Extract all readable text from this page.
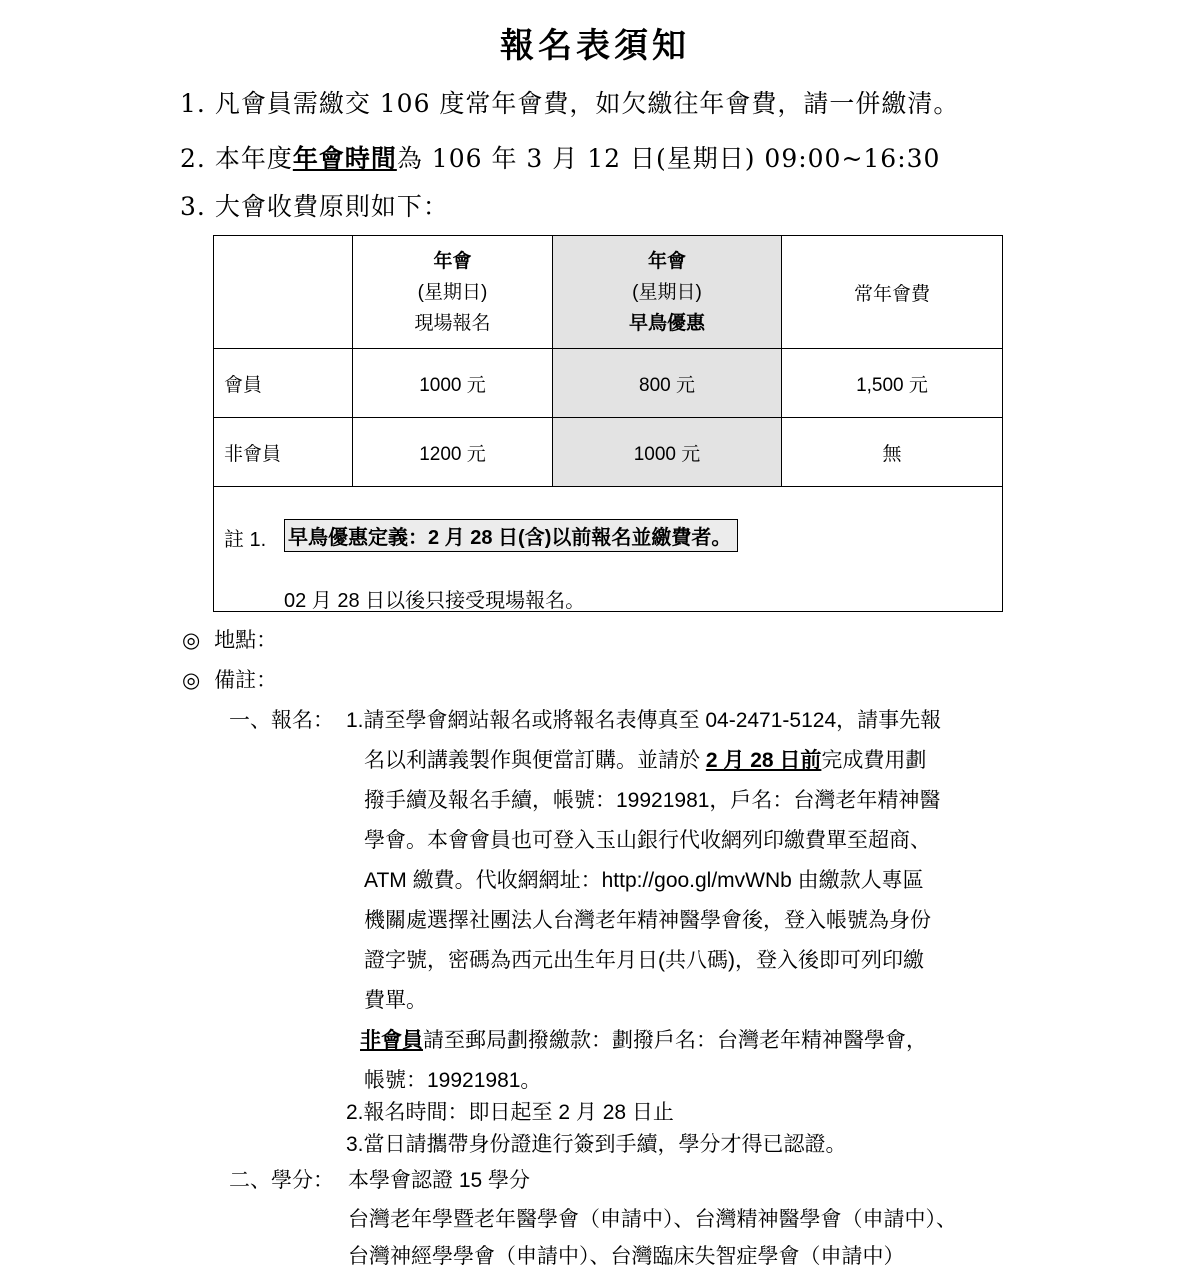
報名表須知
1. 凡會員需繳交 106 度常年會費，如欠繳往年會費，請一併繳清。
2. 本年度年會時間為 106 年 3 月 12 日(星期日) 09:00~16:30
3. 大會收費原則如下：

	年會
(星期日)
現場報名	年會
(星期日)
早鳥優惠	常年會費
會員	1000 元	800 元	1,500 元
非會員	1200 元	1000 元	無

註 1. 早鳥優惠定義：2 月 28 日(含)以前報名並繳費者。
02 月 28 日以後只接受現場報名。			
◎ 地點：
◎ 備註：
一、報名： 1.請至學會網站報名或將報名表傳真至 04-2471-5124，請事先報
名以利講義製作與便當訂購。並請於 2 月 28 日前完成費用劃
撥手續及報名手續，帳號：19921981，戶名：台灣老年精神醫
學會。本會會員也可登入玉山銀行代收網列印繳費單至超商、
ATM 繳費。代收網網址：http://goo.gl/mvWNb 由繳款人專區
機關處選擇社團法人台灣老年精神醫學會後，登入帳號為身份
證字號，密碼為西元出生年月日(共八碼)，登入後即可列印繳
費單。
非會員請至郵局劃撥繳款：劃撥戶名：台灣老年精神醫學會，
帳號：19921981。
2.報名時間：即日起至 2 月 28 日止
3.當日請攜帶身份證進行簽到手續，學分才得已認證。
二、學分： 本學會認證 15 學分
台灣老年學暨老年醫學會（申請中）、台灣精神醫學會（申請中）、
台灣神經學學會（申請中）、台灣臨床失智症學會（申請中）
